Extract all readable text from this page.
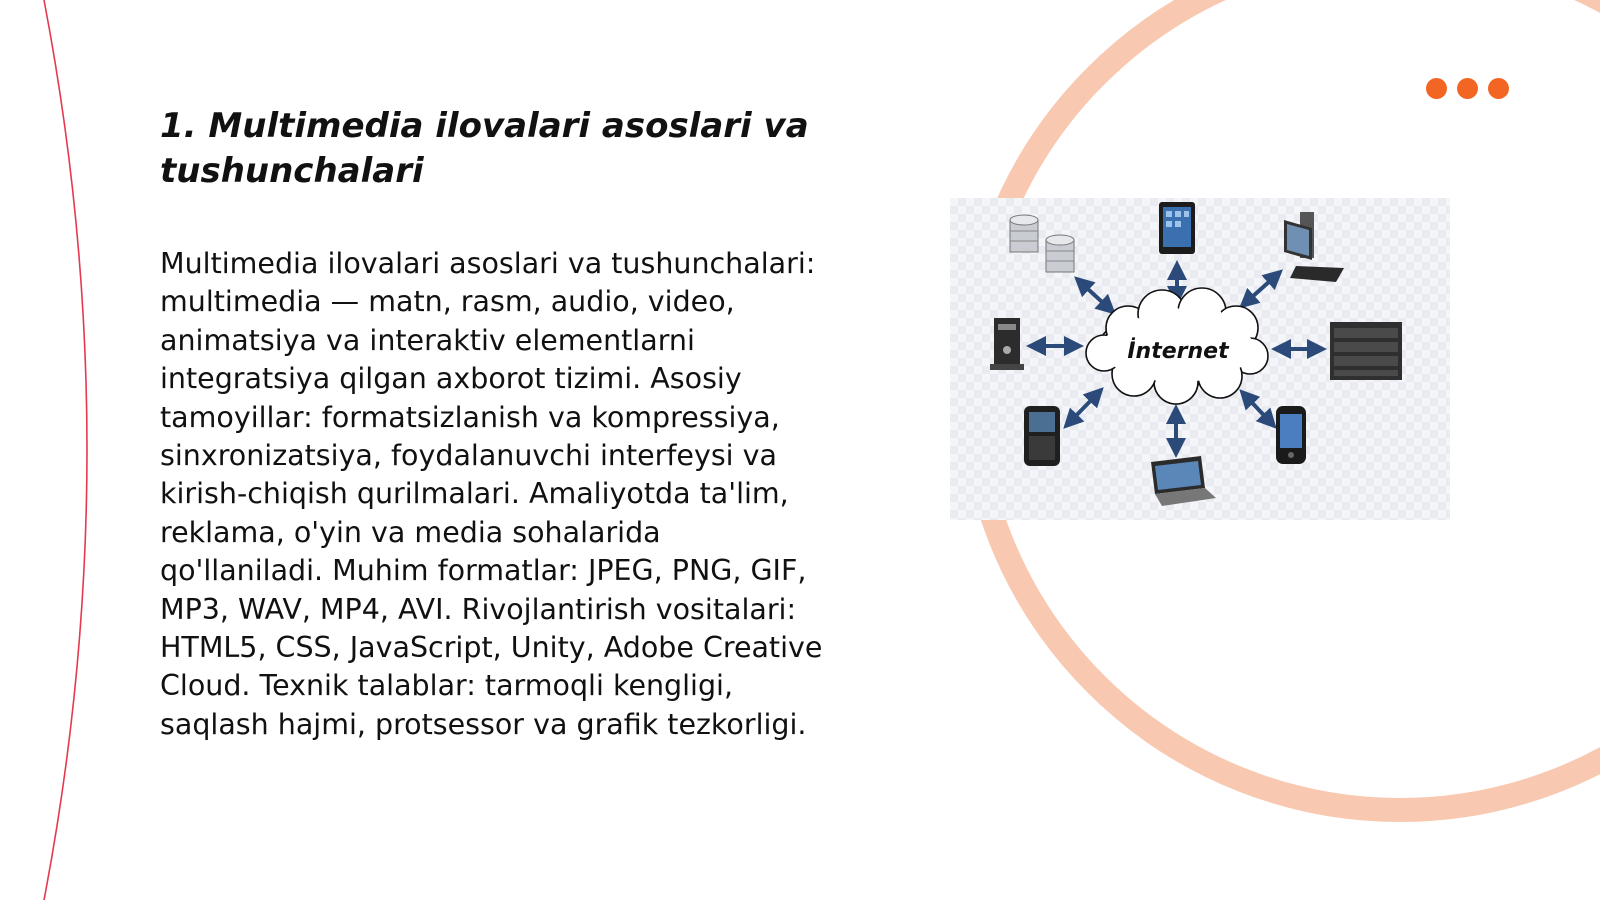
1. Multimedia ilovalari asoslari va tushunchalari

Multimedia ilovalari asoslari va tushunchalari: multimedia — matn, rasm, audio, video, animatsiya va interaktiv elementlarni integratsiya qilgan axborot tizimi. Asosiy tamoyillar: formatsizlanish va kompressiya, sinxronizatsiya, foydalanuvchi interfeysi va kirish-chiqish qurilmalari. Amaliyotda ta'lim, reklama, o'yin va media sohalarida qo'llaniladi. Muhim formatlar: JPEG, PNG, GIF, MP3, WAV, MP4, AVI. Rivojlantirish vositalari: HTML5, CSS, JavaScript, Unity, Adobe Creative Cloud. Texnik talablar: tarmoqli kengligi, saqlash hajmi, protsessor va grafik tezkorligi.

İnternet
